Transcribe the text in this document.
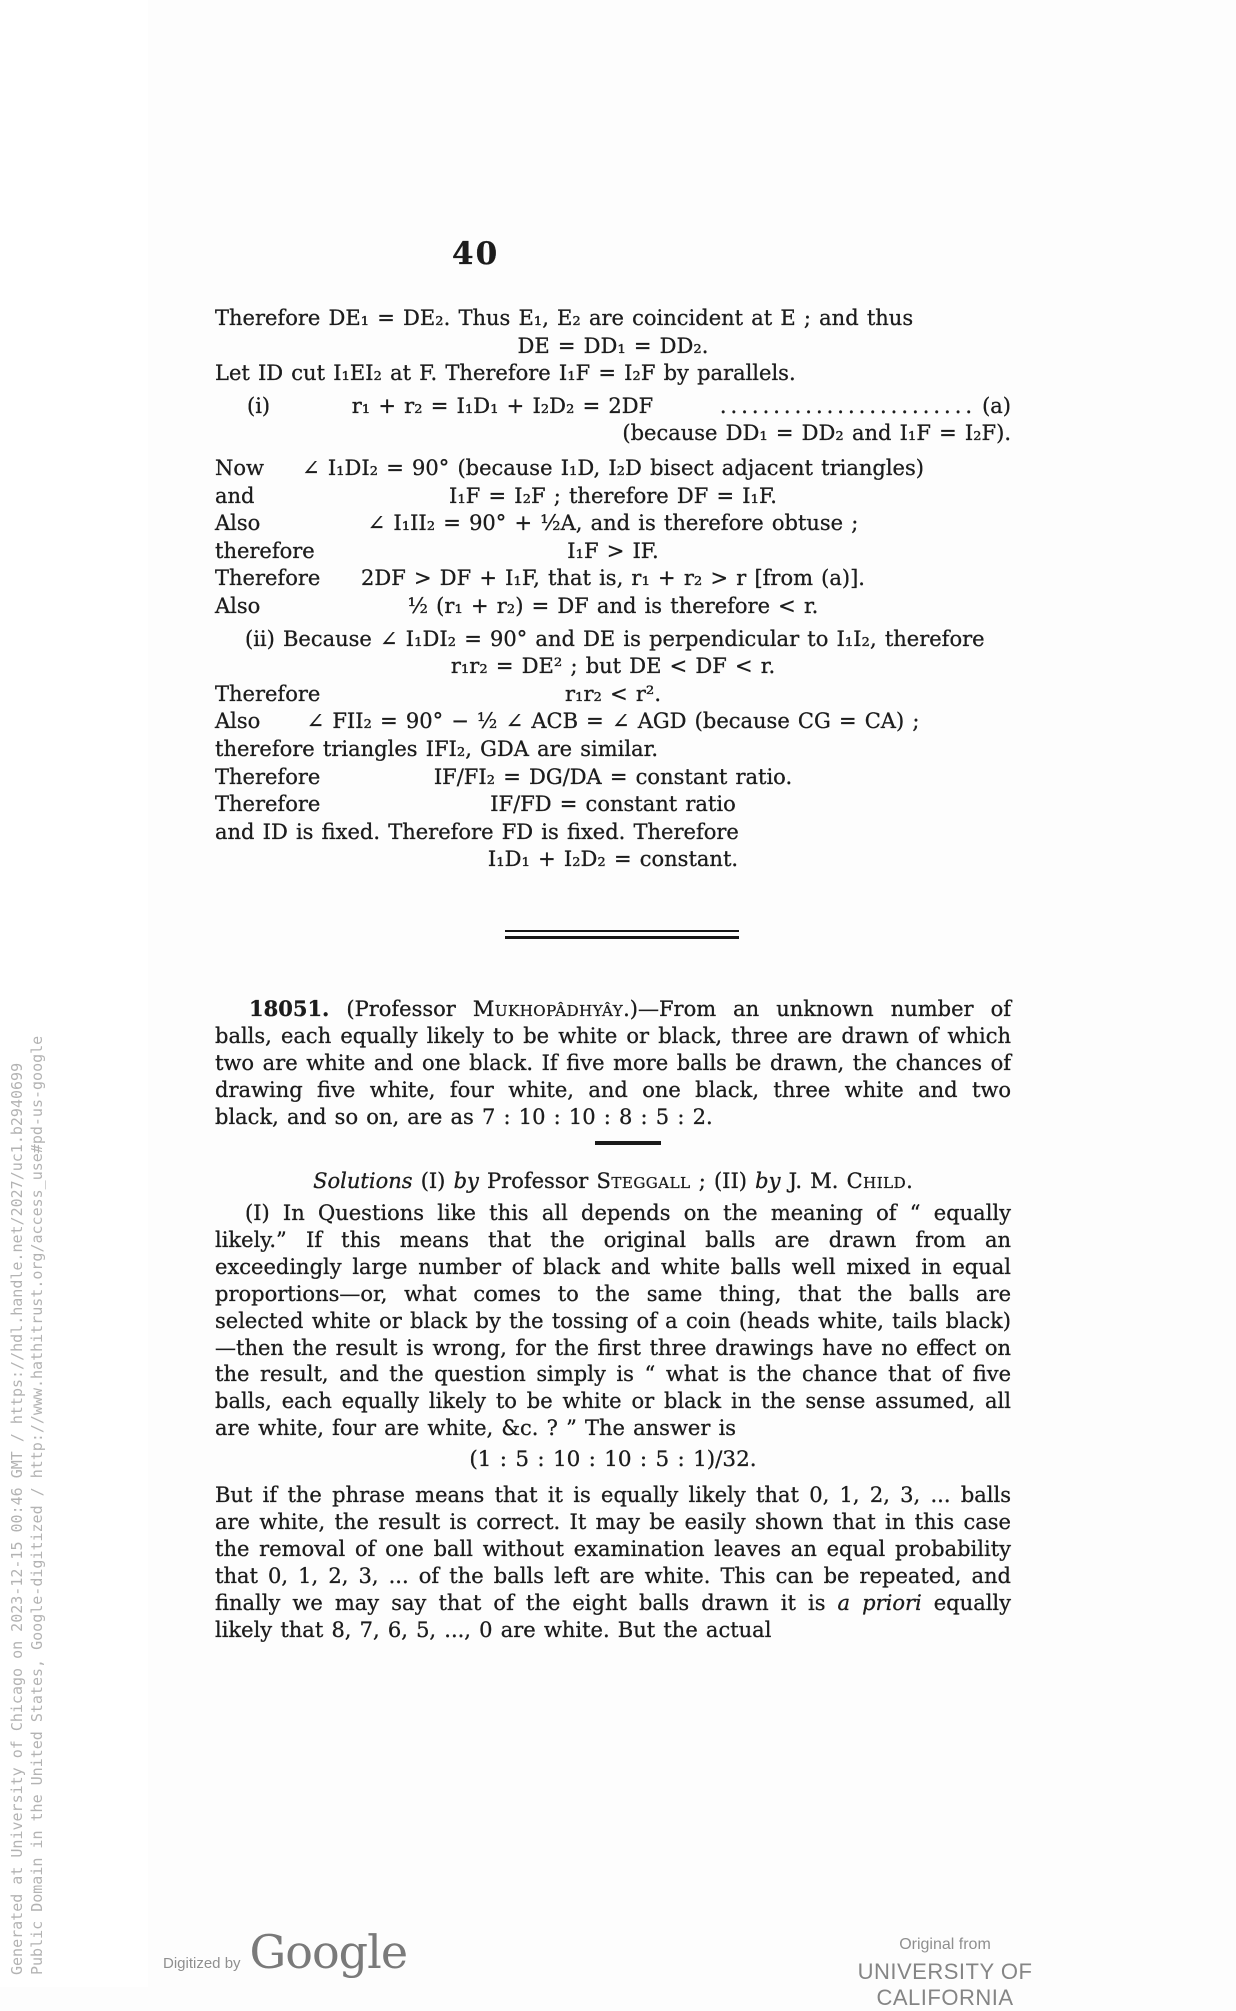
Generated at University of Chicago on 2023-12-15 00:46 GMT / https://hdl.handle.net/2027/uc1.b2940699 Public Domain in the United States, Google-digitized / http://www.hathitrust.org/access_use#pd-us-google
40
Therefore DE₁ = DE₂. Thus E₁, E₂ are coincident at E ; and thus
DE = DD₁ = DD₂.
Let ID cut I₁EI₂ at F. Therefore I₁F = I₂F by parallels.
(i)	r₁ + r₂ = I₁D₁ + I₂D₂ = 2DF	........................ (a)
(because DD₁ = DD₂ and I₁F = I₂F).
Now	∠ I₁DI₂ = 90° (because I₁D, I₂D bisect adjacent triangles)
and	I₁F = I₂F ; therefore DF = I₁F.
Also	∠ I₁II₂ = 90° + ½A, and is therefore obtuse ;
therefore	I₁F > IF.
Therefore	2DF > DF + I₁F, that is, r₁ + r₂ > r [from (a)].
Also	½ (r₁ + r₂) = DF and is therefore < r.
(ii) Because ∠ I₁DI₂ = 90° and DE is perpendicular to I₁I₂, therefore
r₁r₂ = DE² ; but DE < DF < r.
Therefore	r₁r₂ < r².
Also	∠ FII₂ = 90° − ½ ∠ ACB = ∠ AGD (because CG = CA) ;
therefore triangles IFI₂, GDA are similar.
Therefore	IF/FI₂ = DG/DA = constant ratio.
Therefore	IF/FD = constant ratio
and ID is fixed. Therefore FD is fixed. Therefore
I₁D₁ + I₂D₂ = constant.

18051. (Professor Mukhopâdhyây.)—From an unknown number of balls, each equally likely to be white or black, three are drawn of which two are white and one black. If five more balls be drawn, the chances of drawing five white, four white, and one black, three white and two black, and so on, are as 7 : 10 : 10 : 8 : 5 : 2.

Solutions (I) by Professor Steggall ; (II) by J. M. Child.

(I) In Questions like this all depends on the meaning of “ equally likely.” If this means that the original balls are drawn from an exceedingly large number of black and white balls well mixed in equal proportions—or, what comes to the same thing, that the balls are selected white or black by the tossing of a coin (heads white, tails black) —then the result is wrong, for the first three drawings have no effect on the result, and the question simply is “ what is the chance that of five balls, each equally likely to be white or black in the sense assumed, all are white, four are white, &c. ? ” The answer is

(1 : 5 : 10 : 10 : 5 : 1)/32.

But if the phrase means that it is equally likely that 0, 1, 2, 3, ... balls are white, the result is correct. It may be easily shown that in this case the removal of one ball without examination leaves an equal probability that 0, 1, 2, 3, ... of the balls left are white. This can be repeated, and finally we may say that of the eight balls drawn it is a priori equally likely that 8, 7, 6, 5, ..., 0 are white. But the actual

Digitized by Google	Original from
UNIVERSITY OF CALIFORNIA
